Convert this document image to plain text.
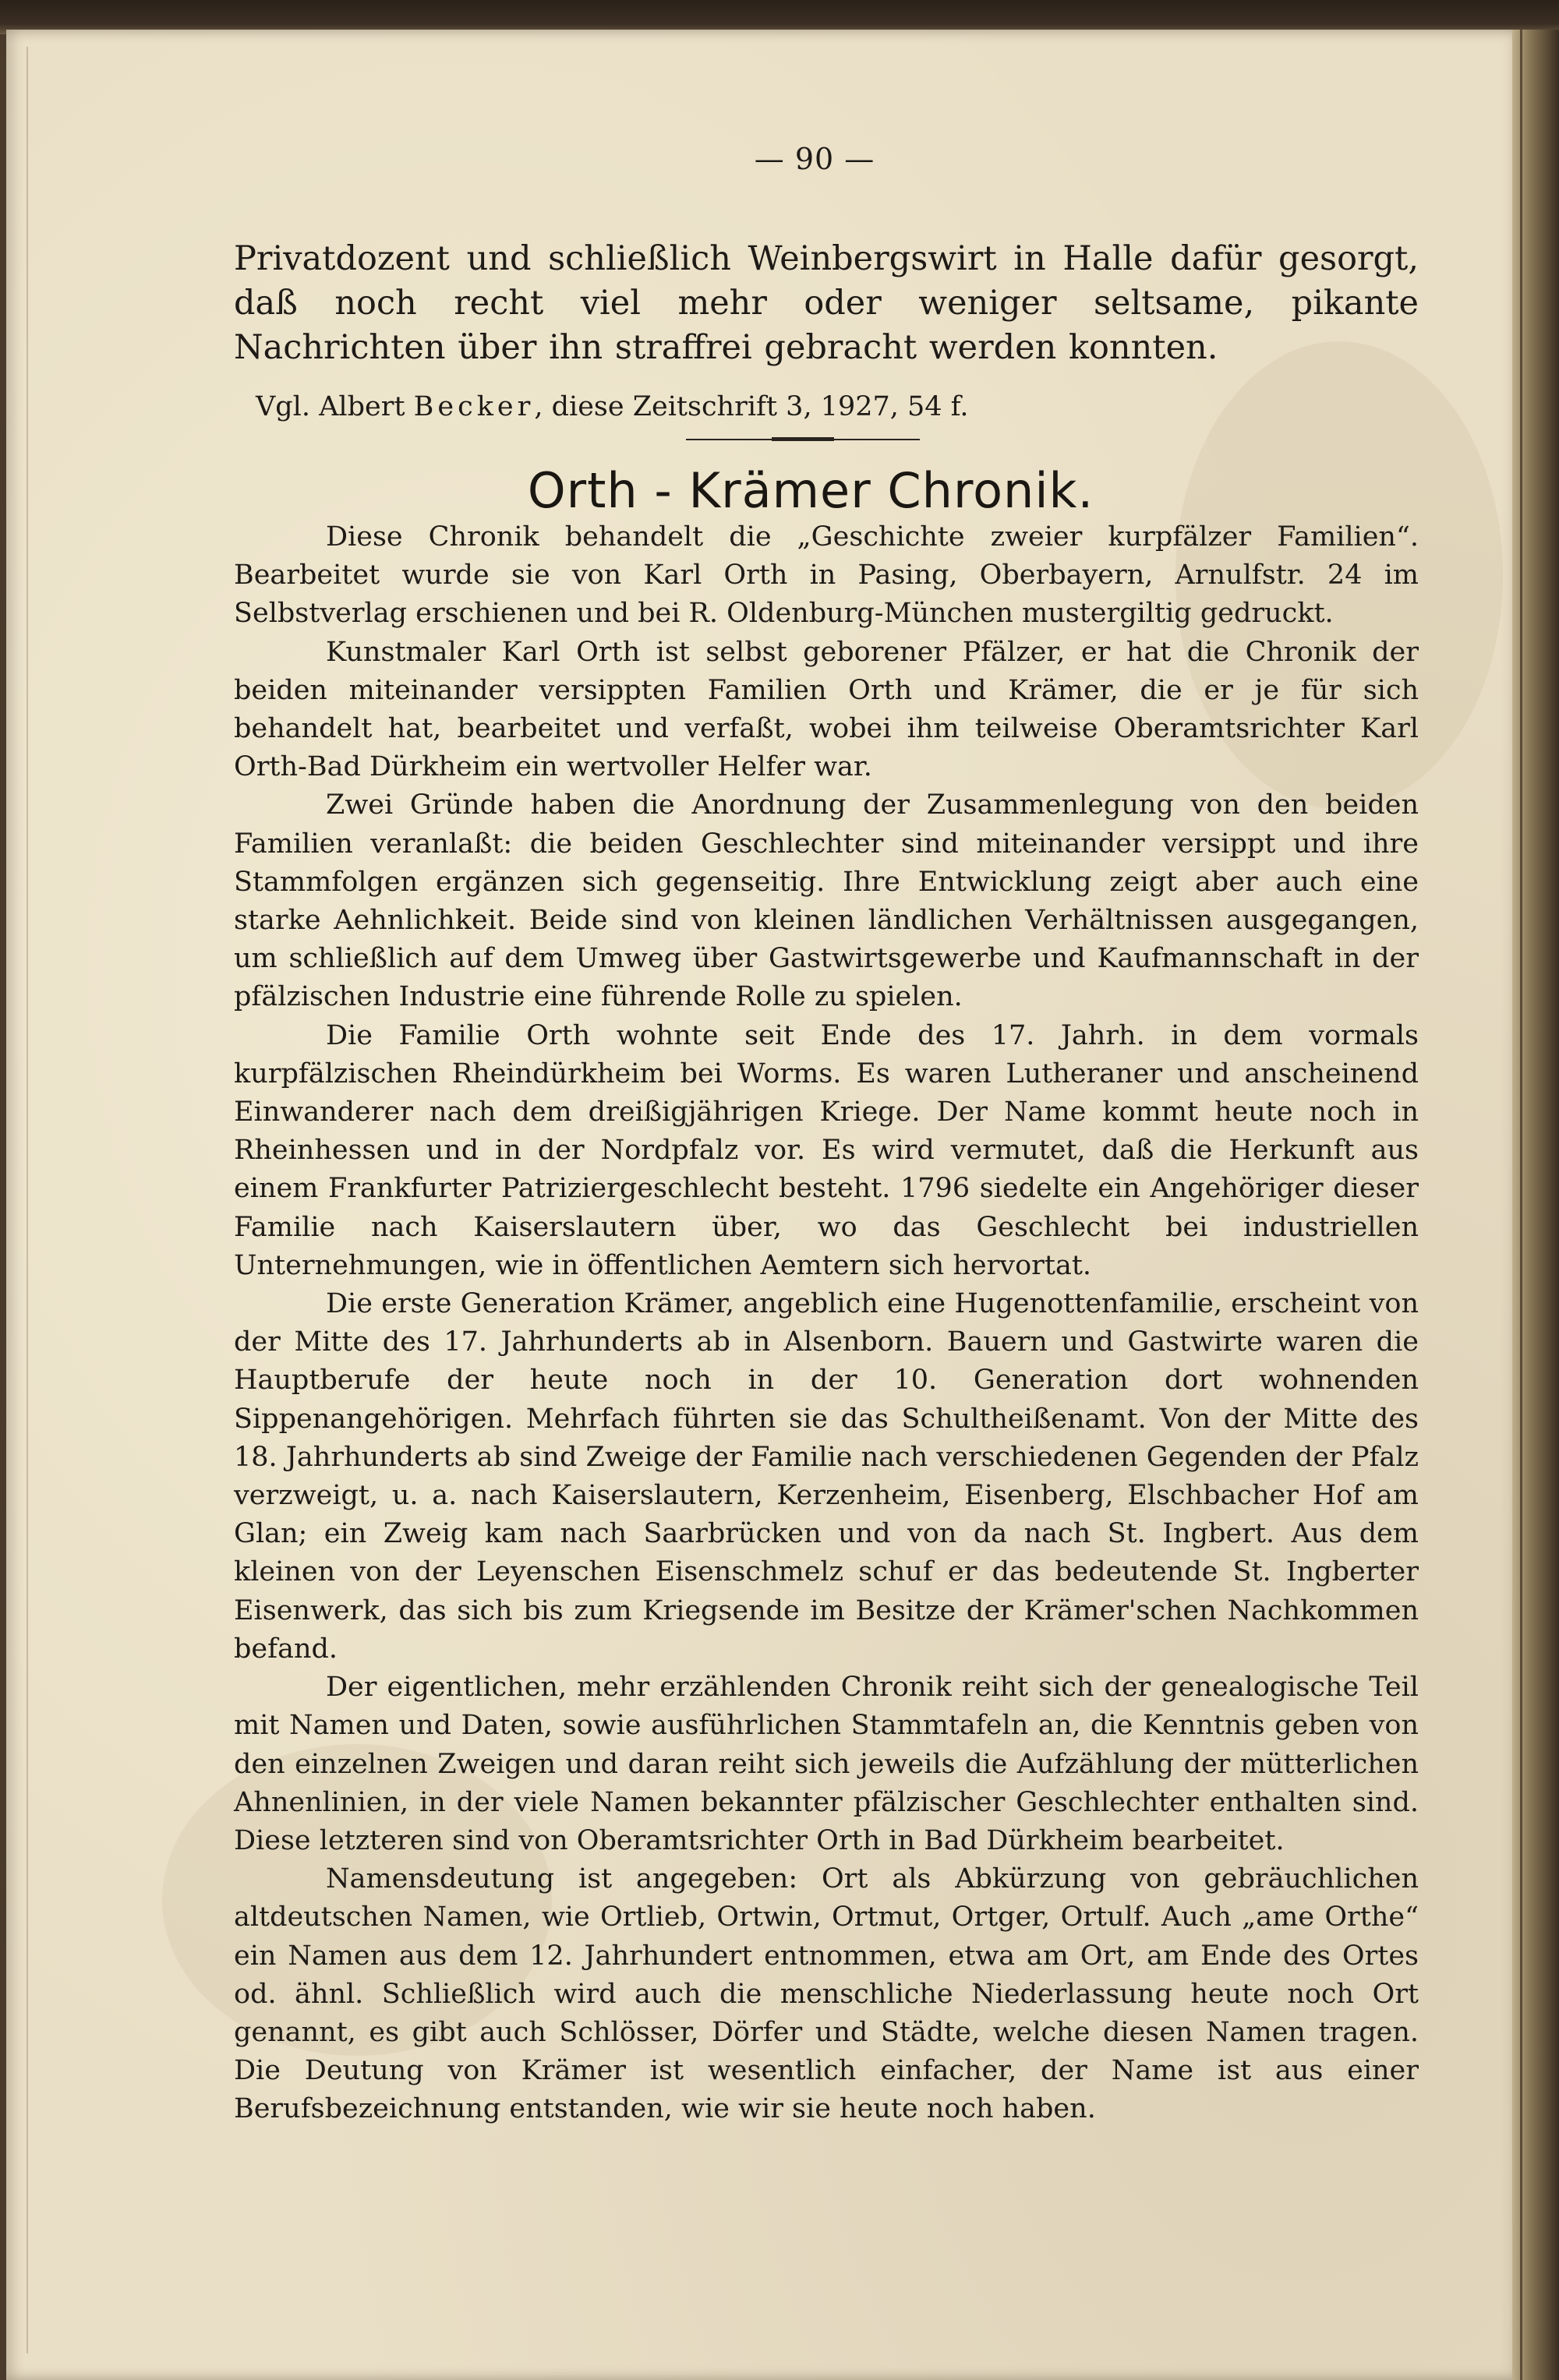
— 90 —

Privatdozent und schließlich Weinbergswirt in Halle dafür gesorgt, daß noch recht viel mehr oder weniger seltsame, pikante Nachrichten über ihn straffrei gebracht werden konnten.

Vgl. Albert Becker, diese Zeitschrift 3, 1927, 54 f.
Orth - Krämer Chronik.

Diese Chronik behandelt die „Geschichte zweier kurpfälzer Familien“. Bearbeitet wurde sie von Karl Orth in Pasing, Oberbayern, Arnulfstr. 24 im Selbstverlag erschienen und bei R. Oldenburg-München mustergiltig gedruckt.

Kunstmaler Karl Orth ist selbst geborener Pfälzer, er hat die Chronik der beiden miteinander versippten Familien Orth und Krämer, die er je für sich behandelt hat, bearbeitet und verfaßt, wobei ihm teilweise Oberamtsrichter Karl Orth-Bad Dürkheim ein wertvoller Helfer war.

Zwei Gründe haben die Anordnung der Zusammenlegung von den beiden Familien veranlaßt: die beiden Geschlechter sind miteinander versippt und ihre Stammfolgen ergänzen sich gegenseitig. Ihre Entwicklung zeigt aber auch eine starke Aehnlichkeit. Beide sind von kleinen ländlichen Verhältnissen ausgegangen, um schließlich auf dem Umweg über Gastwirtsgewerbe und Kaufmannschaft in der pfälzischen Industrie eine führende Rolle zu spielen.

Die Familie Orth wohnte seit Ende des 17. Jahrh. in dem vormals kurpfälzischen Rheindürkheim bei Worms. Es waren Lutheraner und anscheinend Einwanderer nach dem dreißigjährigen Kriege. Der Name kommt heute noch in Rheinhessen und in der Nordpfalz vor. Es wird vermutet, daß die Herkunft aus einem Frankfurter Patriziergeschlecht besteht. 1796 siedelte ein Angehöriger dieser Familie nach Kaiserslautern über, wo das Geschlecht bei industriellen Unternehmungen, wie in öffentlichen Aemtern sich hervortat.

Die erste Generation Krämer, angeblich eine Hugenottenfamilie, erscheint von der Mitte des 17. Jahrhunderts ab in Alsenborn. Bauern und Gastwirte waren die Hauptberufe der heute noch in der 10. Generation dort wohnenden Sippenangehörigen. Mehrfach führten sie das Schultheißenamt. Von der Mitte des 18. Jahrhunderts ab sind Zweige der Familie nach verschiedenen Gegenden der Pfalz verzweigt, u. a. nach Kaiserslautern, Kerzenheim, Eisenberg, Elschbacher Hof am Glan; ein Zweig kam nach Saarbrücken und von da nach St. Ingbert. Aus dem kleinen von der Leyenschen Eisenschmelz schuf er das bedeutende St. Ingberter Eisenwerk, das sich bis zum Kriegsende im Besitze der Krämer'schen Nachkommen befand.

Der eigentlichen, mehr erzählenden Chronik reiht sich der genealogische Teil mit Namen und Daten, sowie ausführlichen Stammtafeln an, die Kenntnis geben von den einzelnen Zweigen und daran reiht sich jeweils die Aufzählung der mütterlichen Ahnenlinien, in der viele Namen bekannter pfälzischer Geschlechter enthalten sind. Diese letzteren sind von Oberamtsrichter Orth in Bad Dürkheim bearbeitet.

Namensdeutung ist angegeben: Ort als Abkürzung von gebräuchlichen altdeutschen Namen, wie Ortlieb, Ortwin, Ortmut, Ortger, Ortulf. Auch „ame Orthe“ ein Namen aus dem 12. Jahrhundert entnommen, etwa am Ort, am Ende des Ortes od. ähnl. Schließlich wird auch die menschliche Niederlassung heute noch Ort genannt, es gibt auch Schlösser, Dörfer und Städte, welche diesen Namen tragen. Die Deutung von Krämer ist wesentlich einfacher, der Name ist aus einer Berufsbezeichnung entstanden, wie wir sie heute noch haben.
